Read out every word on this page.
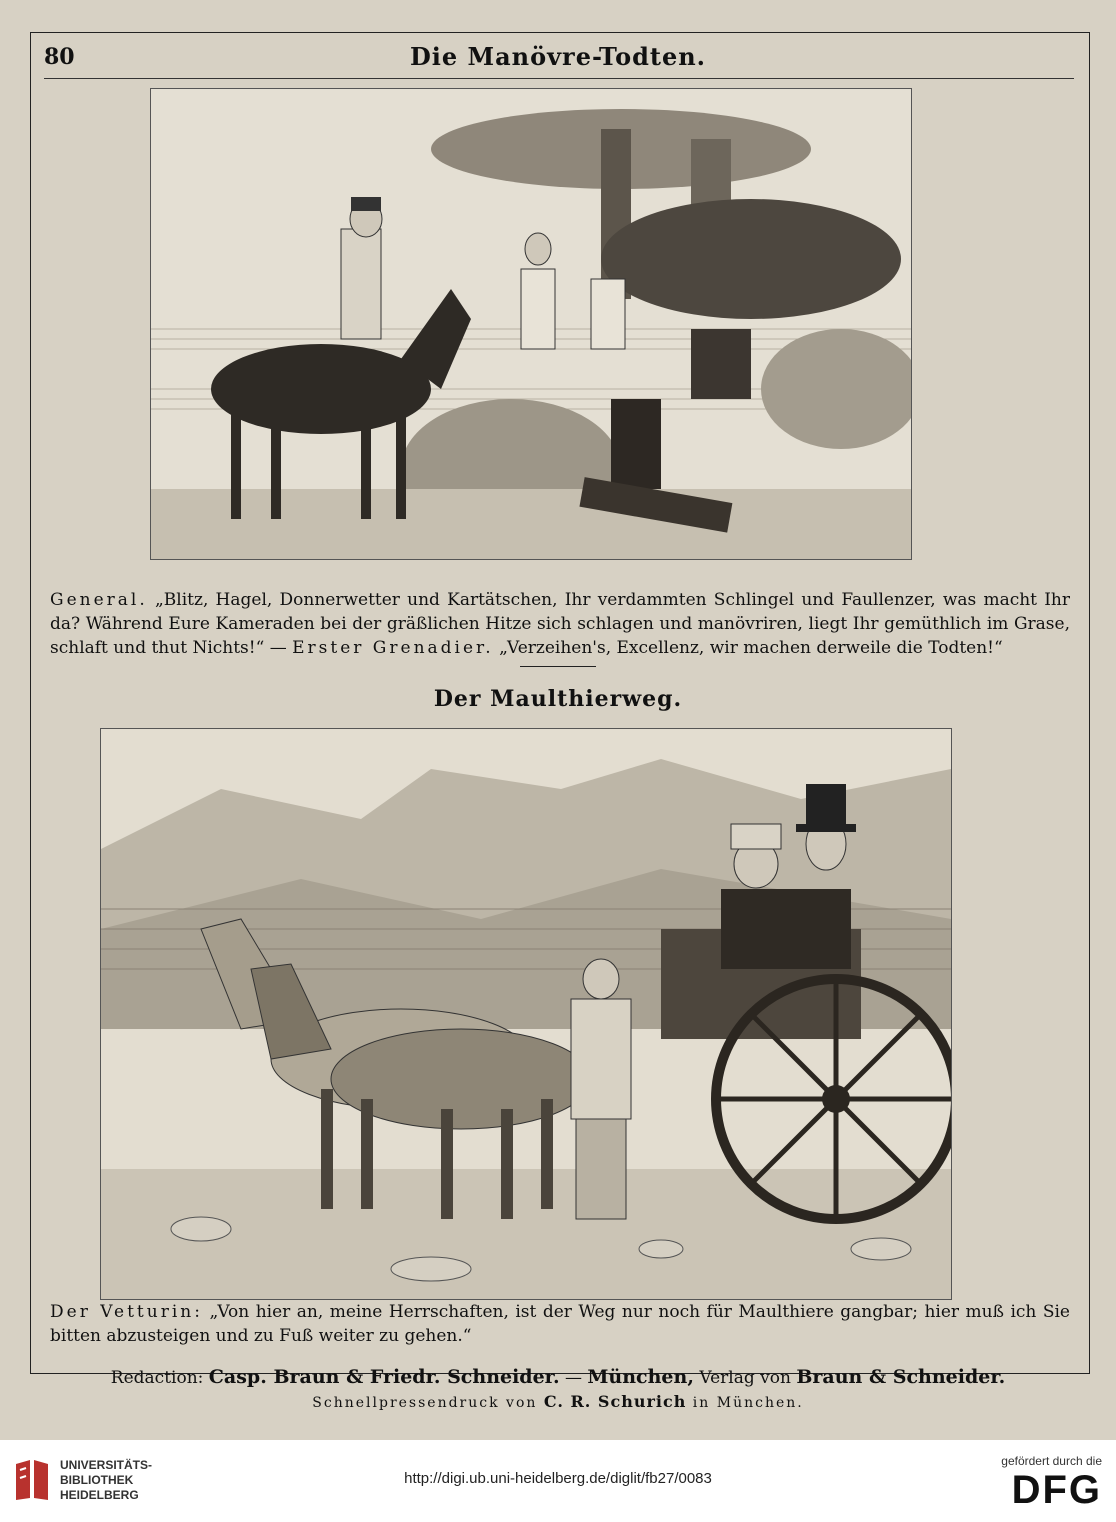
80	Die Manövre-Todten.
General. „Blitz, Hagel, Donnerwetter und Kartätschen, Ihr verdammten Schlingel und Faullenzer, was macht Ihr da? Während Eure Kameraden bei der gräßlichen Hitze sich schlagen und manövriren, liegt Ihr gemüthlich im Grase, schlaft und thut Nichts!“ — Erster Grenadier. „Verzeihen's, Excellenz, wir machen derweile die Todten!“
Der Maulthierweg.
Der Vetturin: „Von hier an, meine Herrschaften, ist der Weg nur noch für Maulthiere gangbar; hier muß ich Sie bitten abzusteigen und zu Fuß weiter zu gehen.“
Redaction: Casp. Braun & Friedr. Schneider. — München, Verlag von Braun & Schneider.
Schnellpressendruck von C. R. Schurich in München.
UNIVERSITÄTS-
BIBLIOTHEK
HEIDELBERG
http://digi.ub.uni-heidelberg.de/diglit/fb27/0083
gefördert durch die
DFG
